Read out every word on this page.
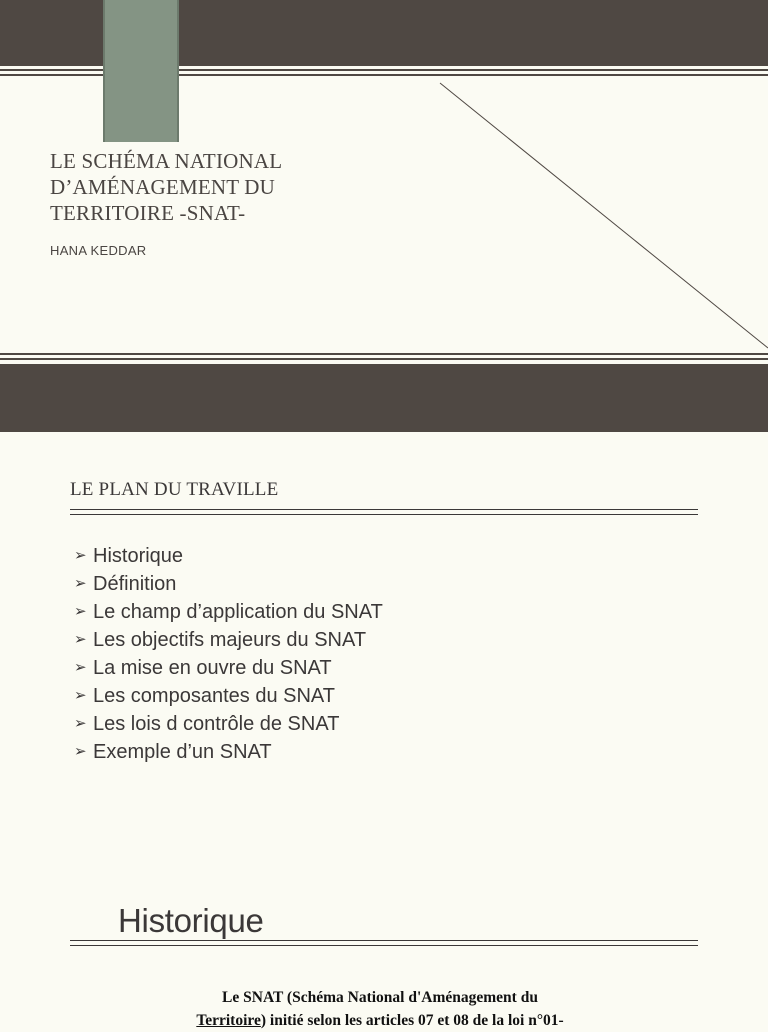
LE SCHÉMA NATIONAL
D’AMÉNAGEMENT DU
TERRITOIRE -SNAT-
HANA KEDDAR
LE PLAN DU TRAVILLE
➢ Historique
➢ Définition
➢ Le champ d’application du SNAT
➢ Les objectifs majeurs du SNAT
➢ La mise en ouvre du SNAT
➢ Les composantes du SNAT
➢ Les lois d contrôle de SNAT
➢ Exemple d’un SNAT
Historique

Le SNAT (Schéma National d'Aménagement du
Territoire) initié selon les articles 07 et 08 de la loi n°01-
